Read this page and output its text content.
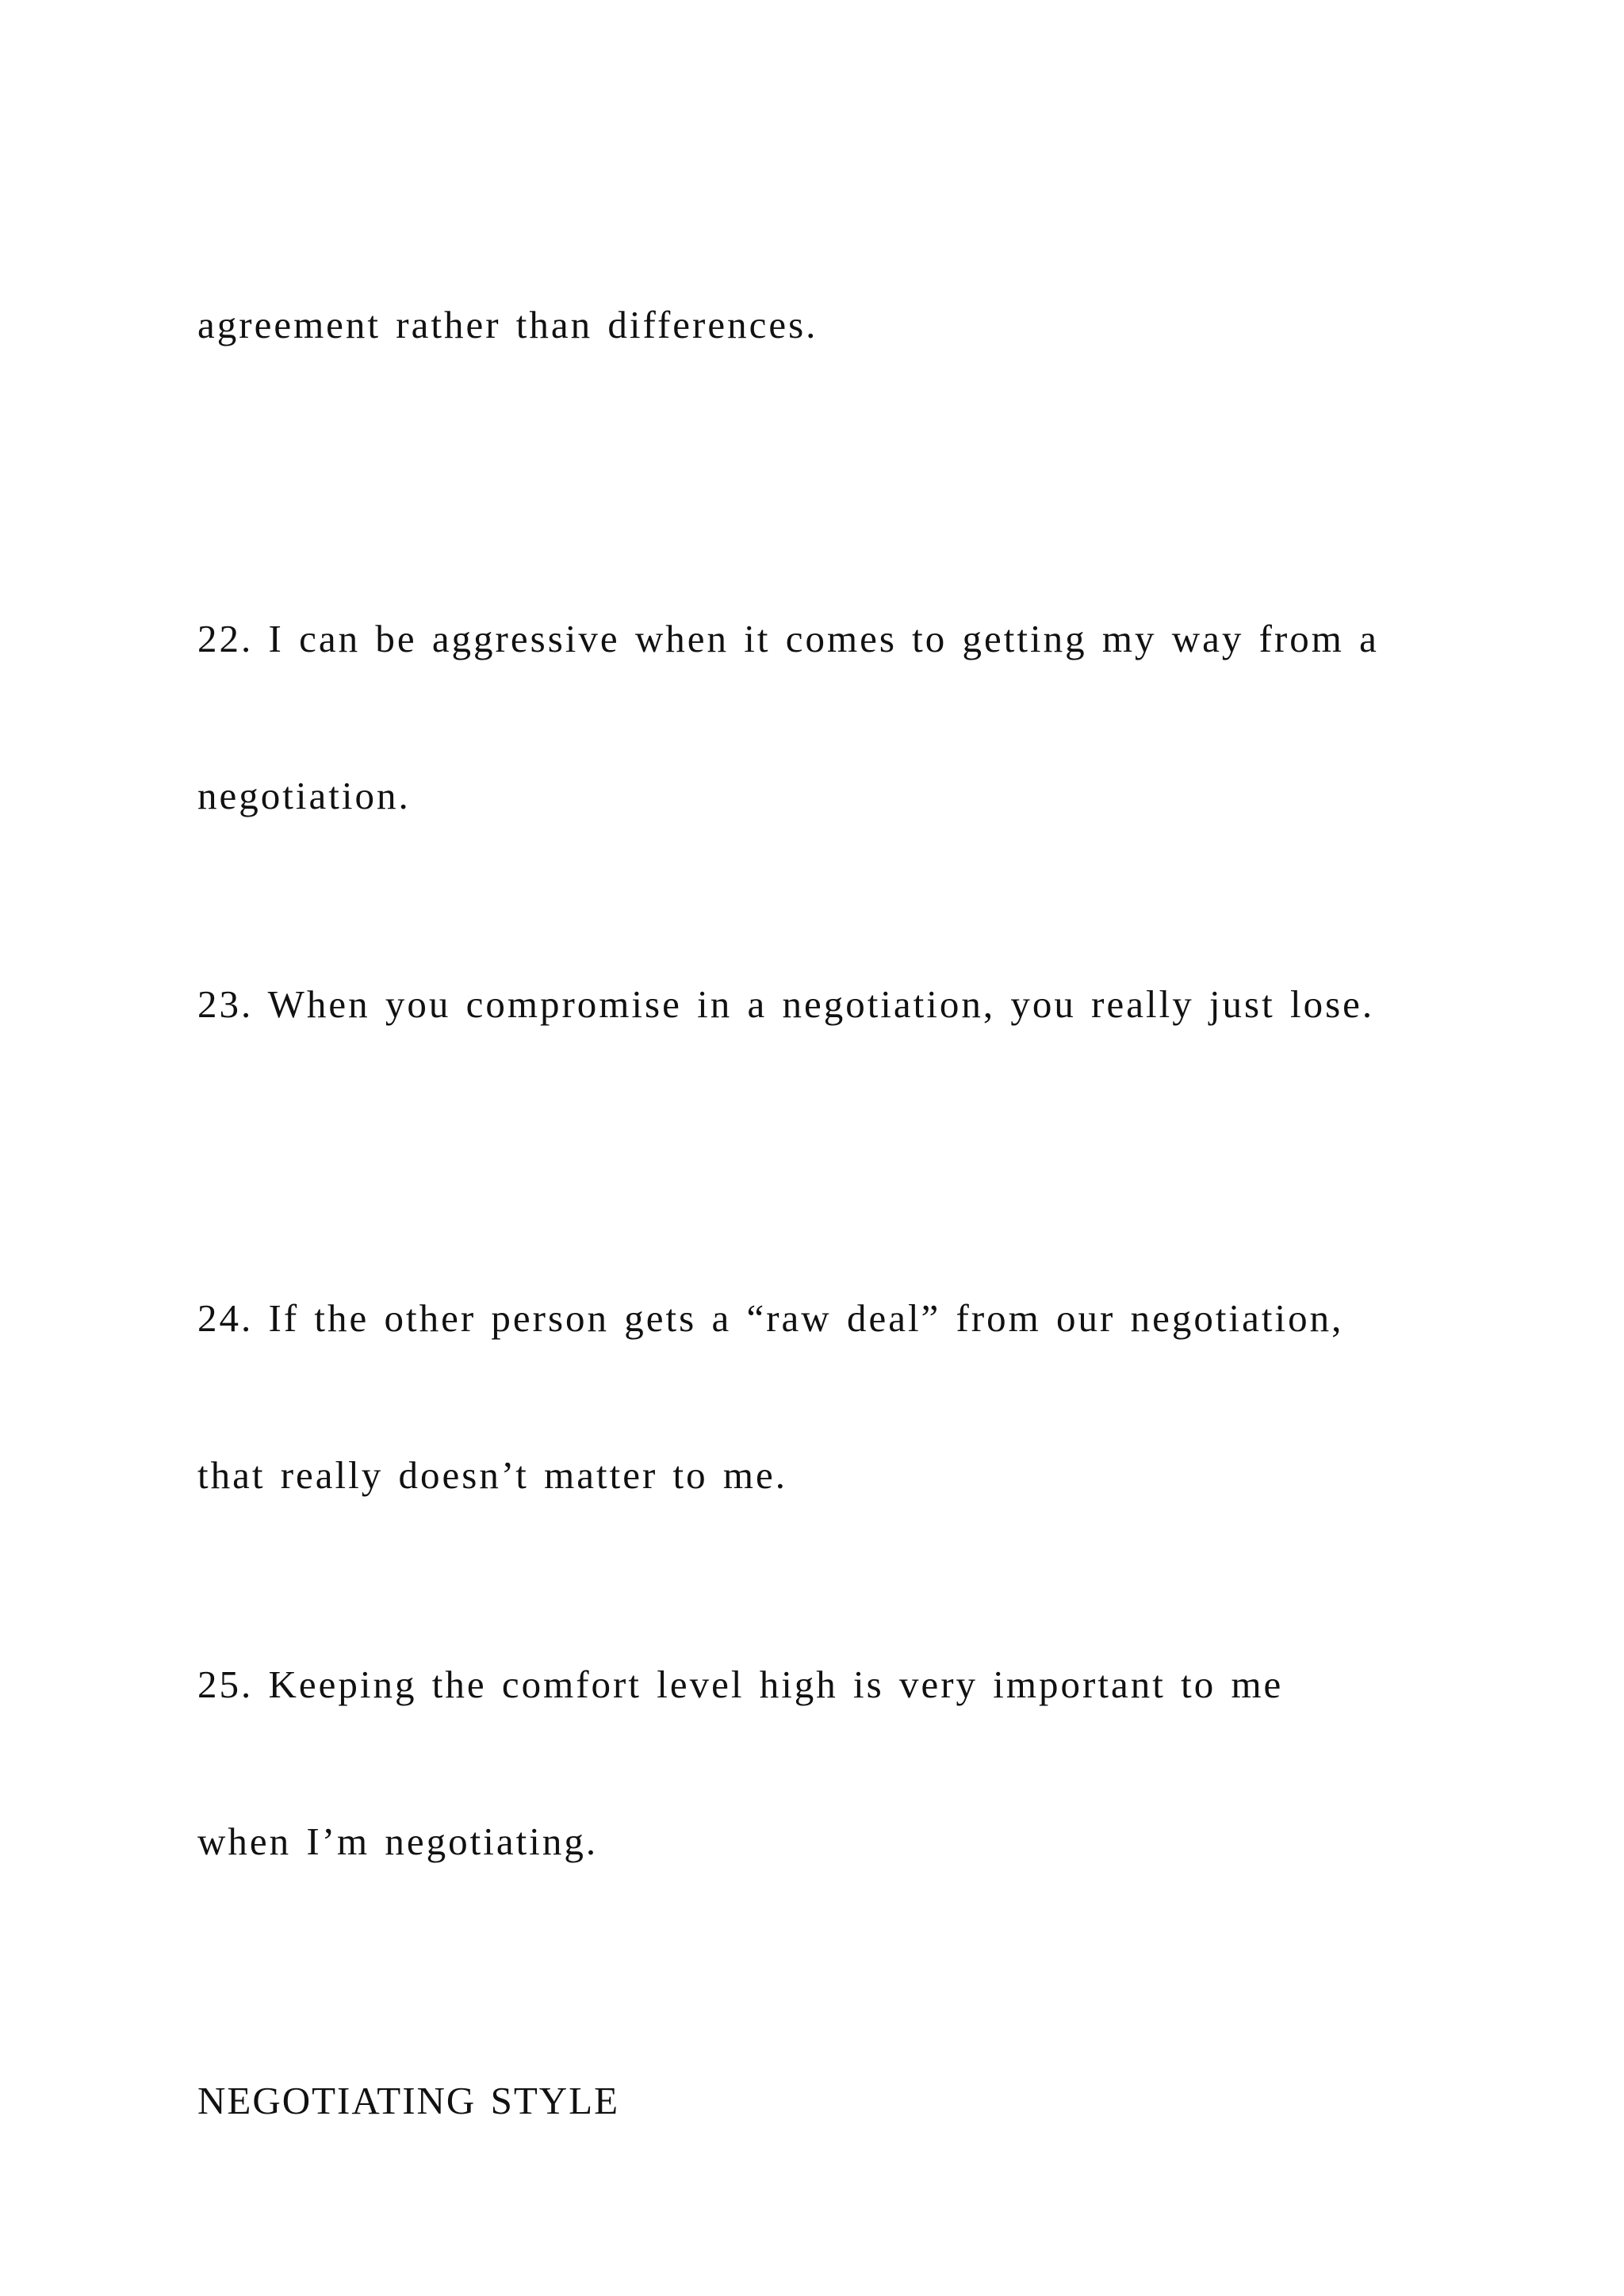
agreement rather than differences.

22. I can be aggressive when it comes to getting my way from a

negotiation.

23. When you compromise in a negotiation, you really just lose.

24. If the other person gets a “raw deal” from our negotiation,

that really doesn’t matter to me.

25. Keeping the comfort level high is very important to me

when I’m negotiating.

NEGOTIATING STYLE
